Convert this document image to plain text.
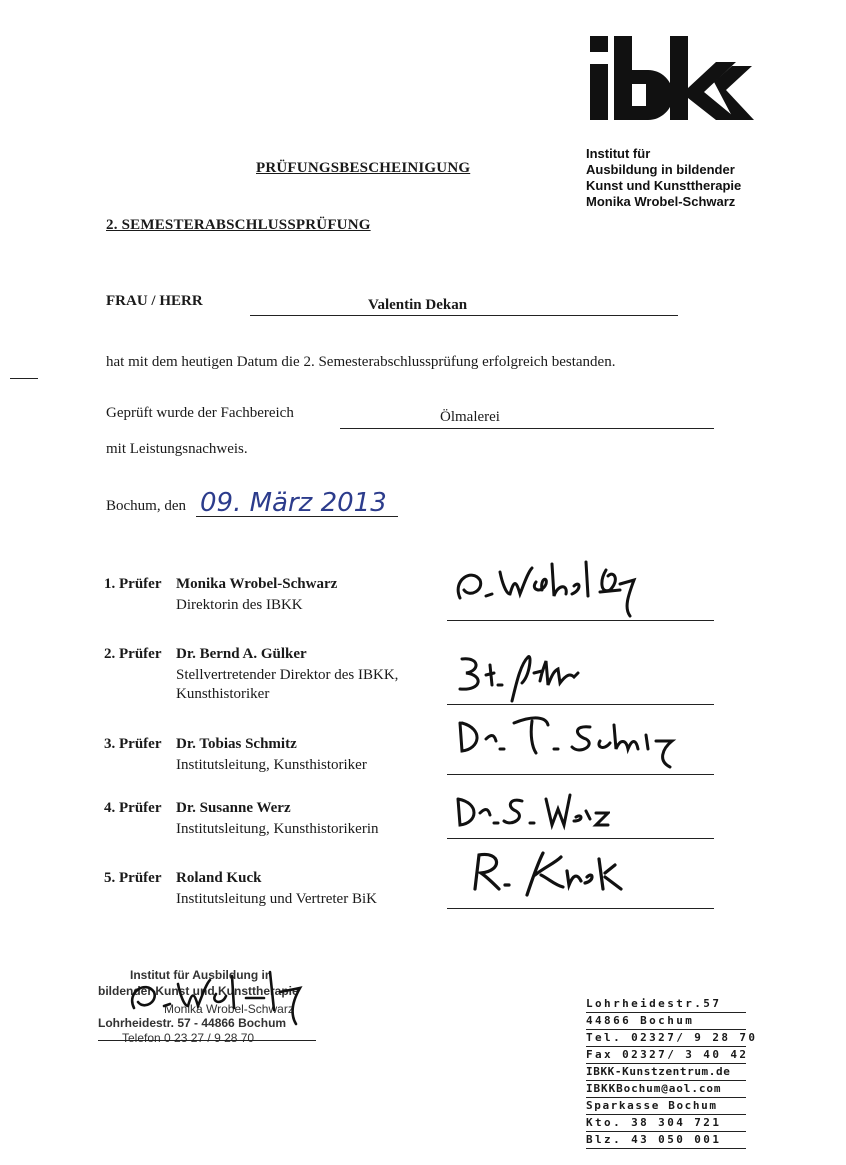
ibkk
Institut für
Ausbildung in bildender
Kunst und Kunsttherapie
Monika Wrobel-Schwarz
PRÜFUNGSBESCHEINIGUNG
2. SEMESTERABSCHLUSSPRÜFUNG
FRAU / HERR	Valentin Dekan
hat mit dem heutigen Datum die 2. Semesterabschlussprüfung erfolgreich bestanden.
Geprüft wurde der Fachbereich	Ölmalerei
mit Leistungsnachweis.
Bochum, den 09. März 2013
1. Prüfer Monika Wrobel-Schwarz
Direktorin des IBKK
M. Wrobel-Schwarz
2. Prüfer Dr. Bernd A. Gülker
Stellvertretender Direktor des IBKK,
Kunsthistoriker
B.A. Gülker
3. Prüfer Dr. Tobias Schmitz
Institutsleitung, Kunsthistoriker
Dr. T. Schmitz
4. Prüfer Dr. Susanne Werz
Institutsleitung, Kunsthistorikerin
Dr. S. Werz
5. Prüfer Roland Kuck
Institutsleitung und Vertreter BiK
R. Kuck
Institut für Ausbildung in
bildender Kunst und Kunsttherapie
Monika Wrobel-Schwarz
Lohrheidestr. 57 - 44866 Bochum
Telefon 0 23 27 / 9 28 70
M. Wrobel-Schwarz
Lohrheidestr.57
44866 Bochum
Tel. 02327/ 9 28 70
Fax 02327/ 3 40 42
IBKK-Kunstzentrum.de
IBKKBochum@aol.com
Sparkasse Bochum
Kto. 38 304 721
Blz. 43 050 001
